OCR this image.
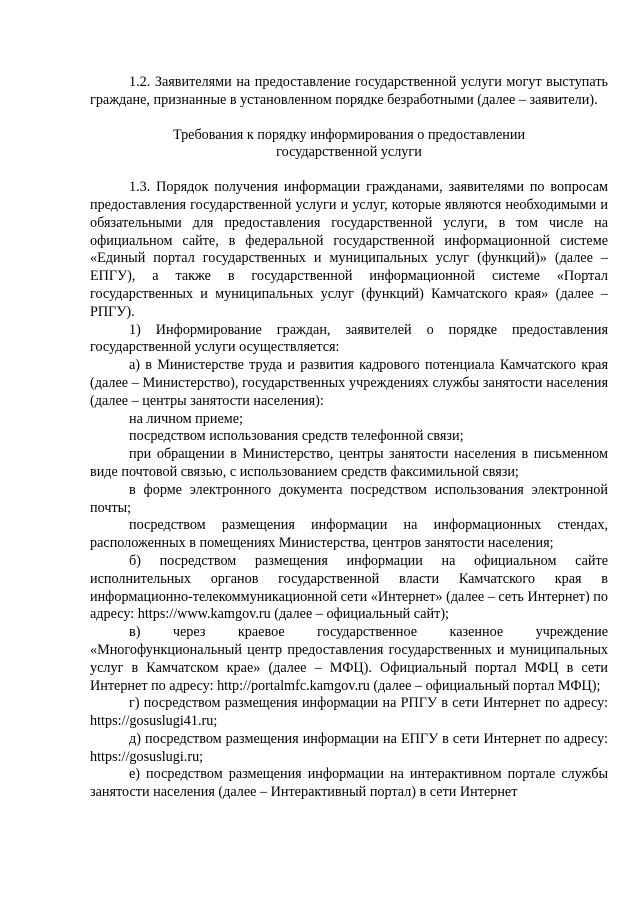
1.2. Заявителями на предоставление государственной услуги могут выступать граждане, признанные в установленном порядке безработными (далее – заявители).

Требования к порядку информирования о предоставлении государственной услуги

1.3. Порядок получения информации гражданами, заявителями по вопросам предоставления государственной услуги и услуг, которые являются необходимыми и обязательными для предоставления государственной услуги, в том числе на официальном сайте, в федеральной государственной информационной системе «Единый портал государственных и муниципальных услуг (функций)» (далее – ЕПГУ), а также в государственной информационной системе «Портал государственных и муниципальных услуг (функций) Камчатского края» (далее – РПГУ).

1) Информирование граждан, заявителей о порядке предоставления государственной услуги осуществляется:

а) в Министерстве труда и развития кадрового потенциала Камчатского края (далее – Министерство), государственных учреждениях службы занятости населения (далее – центры занятости населения):

на личном приеме;

посредством использования средств телефонной связи;

при обращении в Министерство, центры занятости населения в письменном виде почтовой связью, с использованием средств факсимильной связи;

в форме электронного документа посредством использования электронной почты;

посредством размещения информации на информационных стендах, расположенных в помещениях Министерства, центров занятости населения;

б) посредством размещения информации на официальном сайте исполнительных органов государственной власти Камчатского края в информационно-телекоммуникационной сети «Интернет» (далее – сеть Интернет) по адресу: https://www.kamgov.ru (далее – официальный сайт);

в) через краевое государственное казенное учреждение «Многофункциональный центр предоставления государственных и муниципальных услуг в Камчатском крае» (далее – МФЦ). Официальный портал МФЦ в сети Интернет по адресу: http://portalmfc.kamgov.ru (далее – официальный портал МФЦ);

г) посредством размещения информации на РПГУ в сети Интернет по адресу: https://gosuslugi41.ru;

д) посредством размещения информации на ЕПГУ в сети Интернет по адресу: https://gosuslugi.ru;

е) посредством размещения информации на интерактивном портале службы занятости населения (далее – Интерактивный портал) в сети Интернет
